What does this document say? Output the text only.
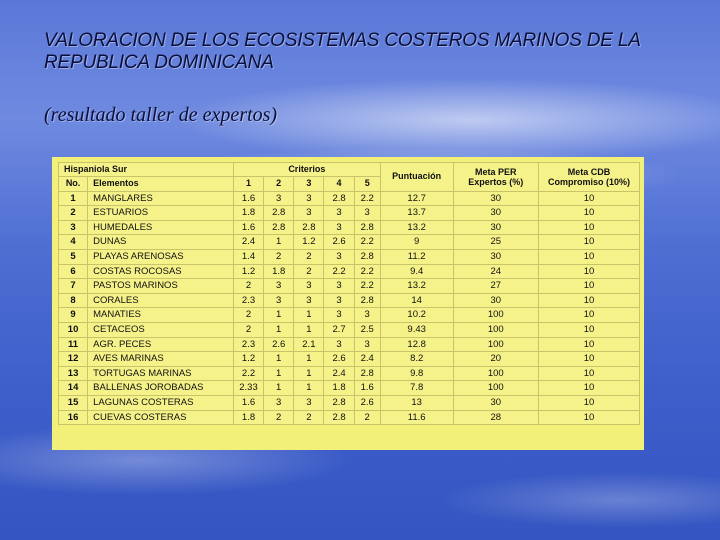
VALORACION DE LOS ECOSISTEMAS COSTEROS MARINOS DE LA REPUBLICA DOMINICANA

(resultado taller de expertos)

Hispaniola Sur		Criterios					Puntuación	Meta PER Expertos (%)	Meta CDB Compromiso (10%)
No.	Elementos	1	2	3	4	5			
1	MANGLARES	1.6	3	3	2.8	2.2	12.7	30	10
2	ESTUARIOS	1.8	2.8	3	3	3	13.7	30	10
3	HUMEDALES	1.6	2.8	2.8	3	2.8	13.2	30	10
4	DUNAS	2.4	1	1.2	2.6	2.2	9	25	10
5	PLAYAS ARENOSAS	1.4	2	2	3	2.8	11.2	30	10
6	COSTAS ROCOSAS	1.2	1.8	2	2.2	2.2	9.4	24	10
7	PASTOS MARINOS	2	3	3	3	2.2	13.2	27	10
8	CORALES	2.3	3	3	3	2.8	14	30	10
9	MANATIES	2	1	1	3	3	10.2	100	10
10	CETACEOS	2	1	1	2.7	2.5	9.43	100	10
11	AGR. PECES	2.3	2.6	2.1	3	3	12.8	100	10
12	AVES MARINAS	1.2	1	1	2.6	2.4	8.2	20	10
13	TORTUGAS MARINAS	2.2	1	1	2.4	2.8	9.8	100	10
14	BALLENAS JOROBADAS	2.33	1	1	1.8	1.6	7.8	100	10
15	LAGUNAS COSTERAS	1.6	3	3	2.8	2.6	13	30	10
16	CUEVAS COSTERAS	1.8	2	2	2.8	2	11.6	28	10
